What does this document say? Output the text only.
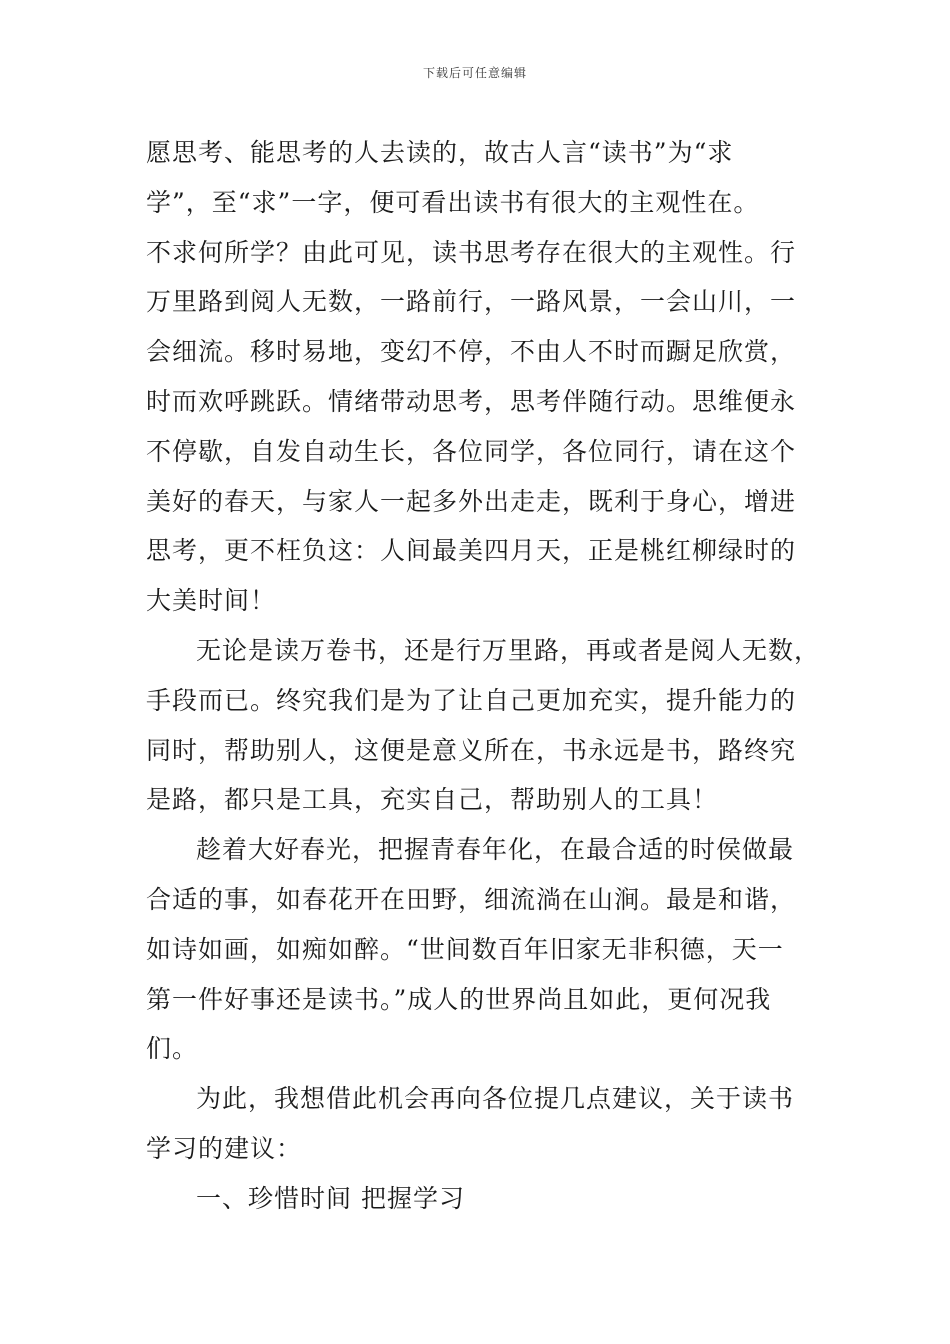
下载后可任意编辑
愿思考、能思考的人去读的，故古人言“读书”为“求
学”，至“求”一字，便可看出读书有很大的主观性在。
不求何所学？由此可见，读书思考存在很大的主观性。行
万里路到阅人无数，一路前行，一路风景，一会山川，一
会细流。移时易地，变幻不停，不由人不时而蹰足欣赏，
时而欢呼跳跃。情绪带动思考，思考伴随行动。思维便永
不停歇，自发自动生长，各位同学，各位同行，请在这个
美好的春天，与家人一起多外出走走，既利于身心，增进
思考，更不枉负这：人间最美四月天，正是桃红柳绿时的
大美时间！
无论是读万卷书，还是行万里路，再或者是阅人无数，
手段而已。终究我们是为了让自己更加充实，提升能力的
同时，帮助别人，这便是意义所在，书永远是书，路终究
是路，都只是工具，充实自己，帮助别人的工具！
趁着大好春光，把握青春年化，在最合适的时侯做最
合适的事，如春花开在田野，细流淌在山涧。最是和谐，
如诗如画，如痴如醉。“世间数百年旧家无非积德，天一
第一件好事还是读书。”成人的世界尚且如此，更何况我
们。
为此，我想借此机会再向各位提几点建议，关于读书
学习的建议：
一、珍惜时间 把握学习
